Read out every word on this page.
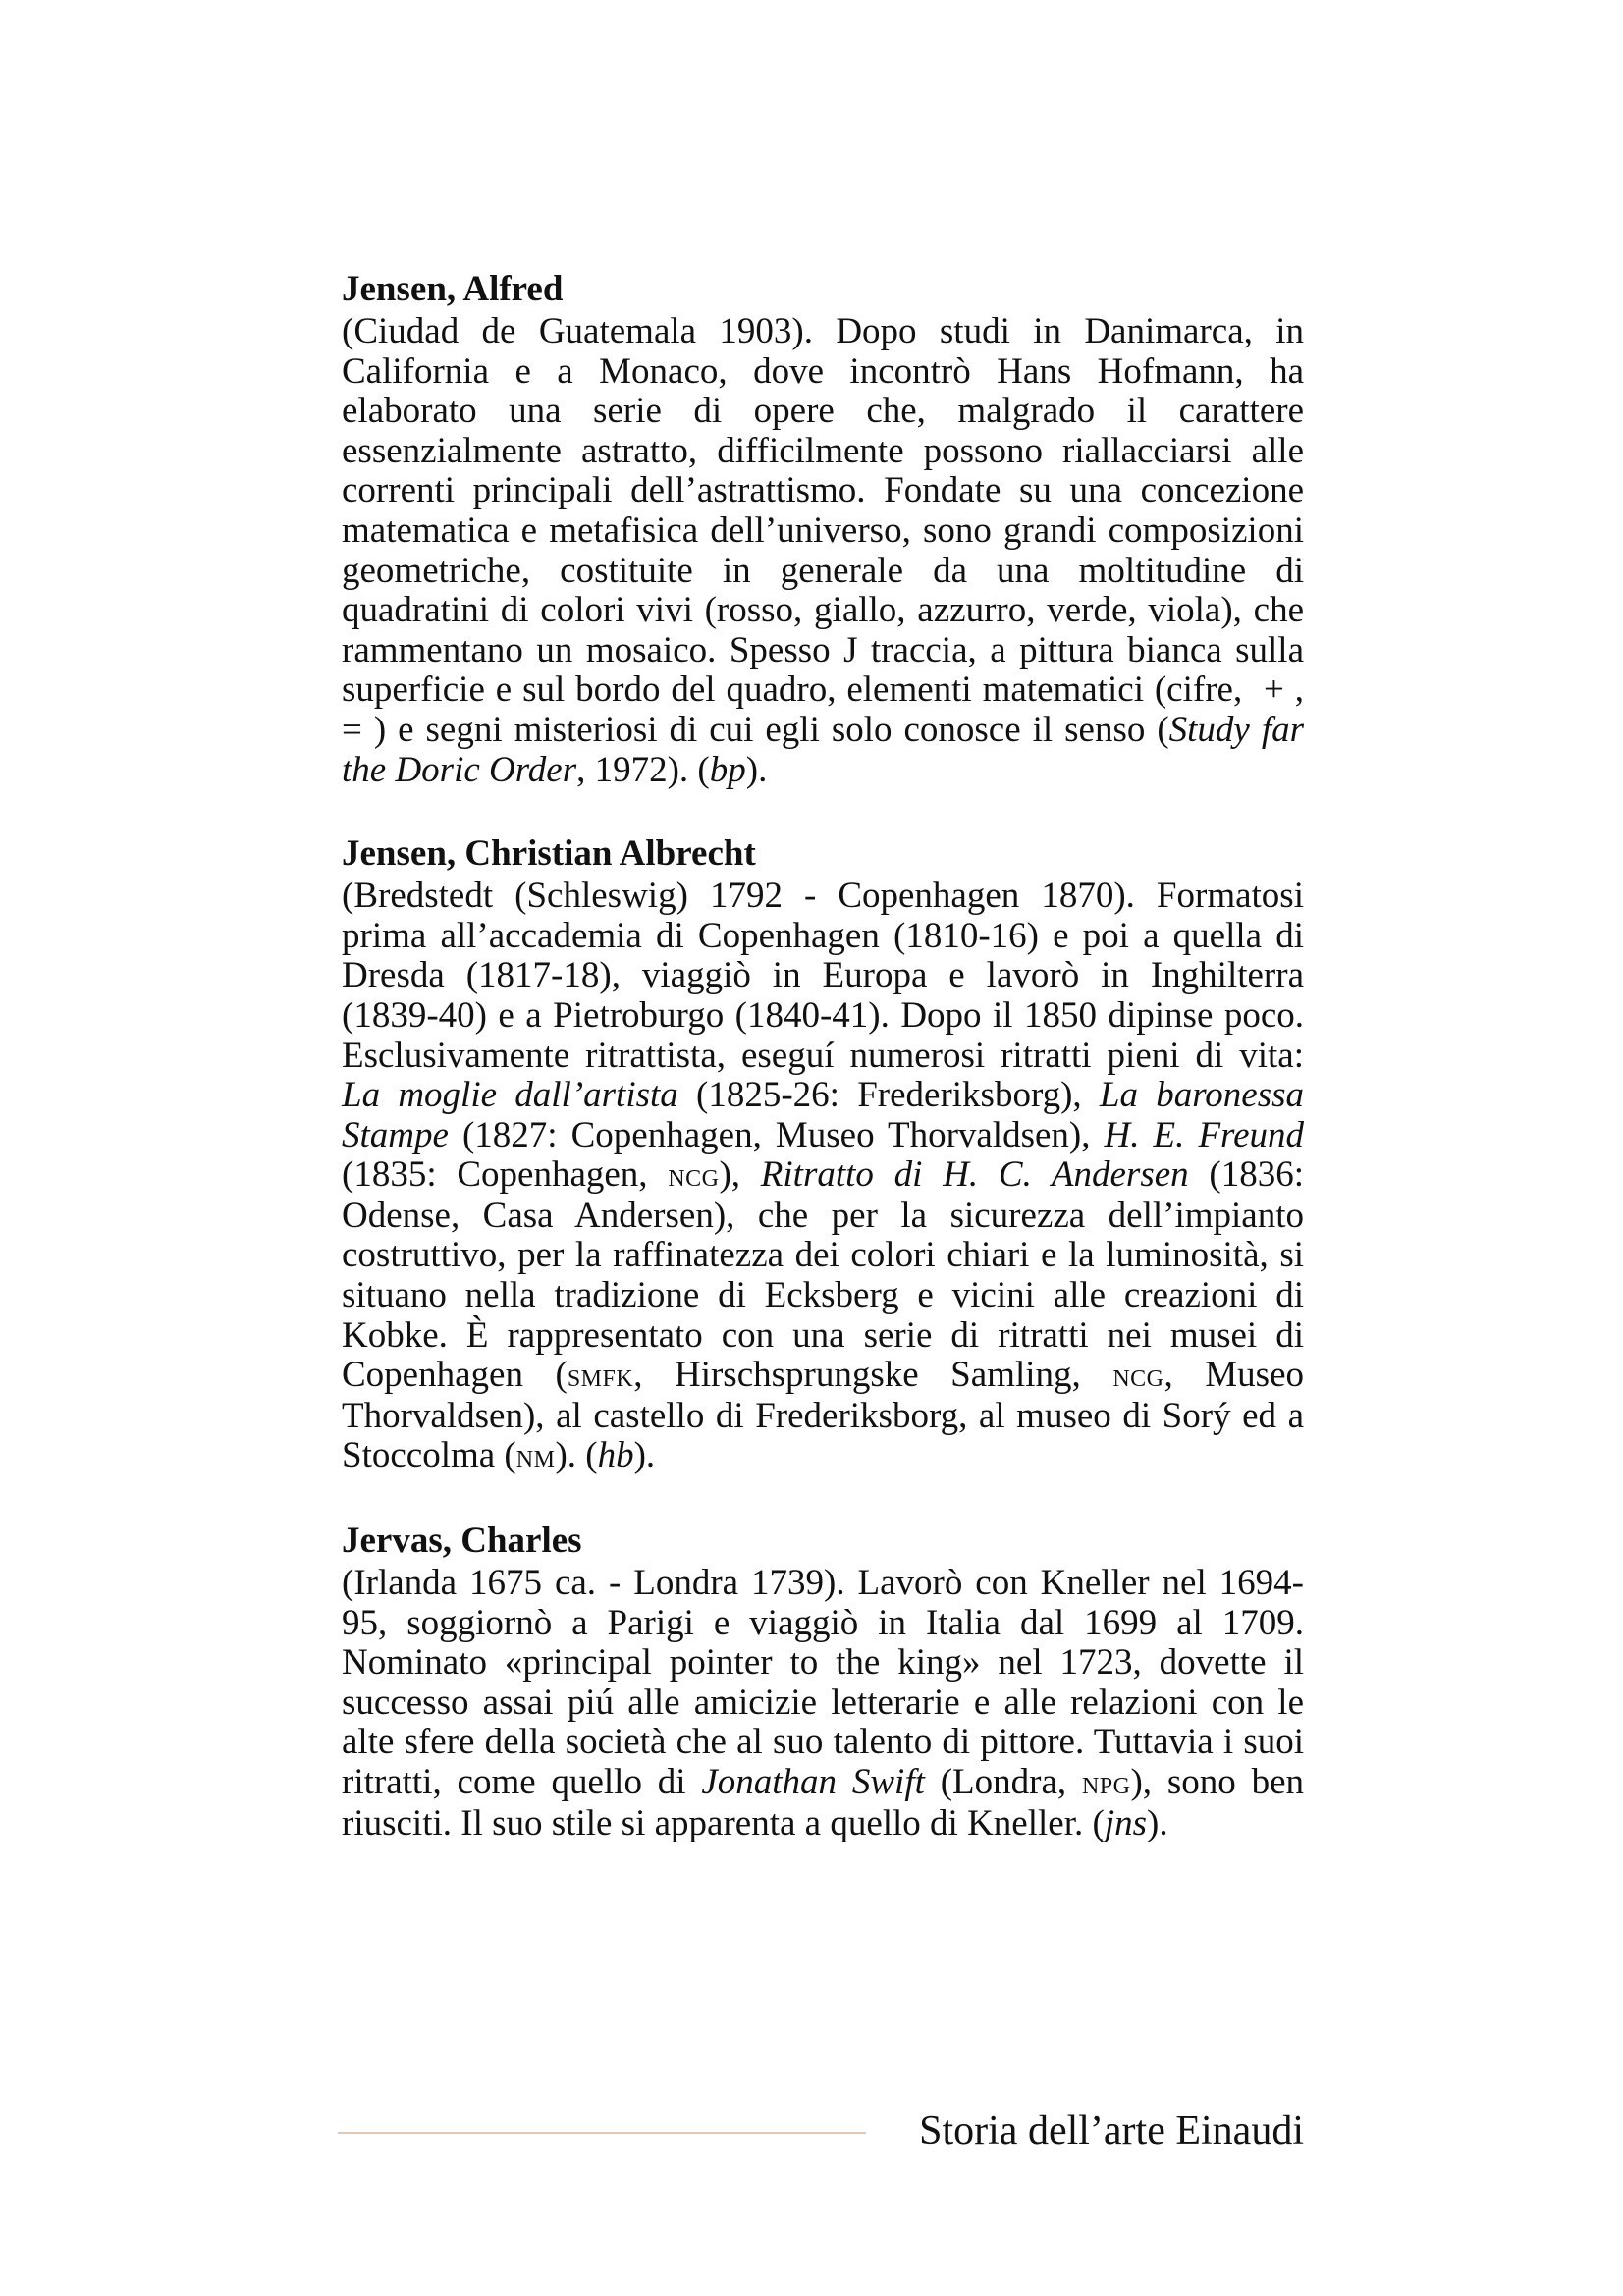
Jensen, Alfred

(Ciudad de Guatemala 1903). Dopo studi in Danimarca, in California e a Monaco, dove incontrò Hans Hofmann, ha elaborato una serie di opere che, malgrado il carattere essenzialmente astratto, difficilmente possono riallacciarsi alle correnti principali dell’astrattismo. Fondate su una concezione matematica e metafisica dell’universo, sono grandi composizioni geometriche, costituite in generale da una moltitudine di quadratini di colori vivi (rosso, giallo, azzurro, verde, viola), che rammentano un mosaico. Spesso J traccia, a pittura bianca sulla superficie e sul bordo del quadro, elementi matematici (cifre,  + , = ) e segni misteriosi di cui egli solo conosce il senso (Study far the Doric Order, 1972). (bp).

Jensen, Christian Albrecht

(Bredstedt (Schleswig) 1792 - Copenhagen 1870). Formatosi prima all’accademia di Copenhagen (1810-16) e poi a quella di Dresda (1817-18), viaggiò in Europa e lavorò in Inghilterra (1839-40) e a Pietroburgo (1840-41). Dopo il 1850 dipinse poco. Esclusivamente ritrattista, eseguí numerosi ritratti pieni di vita: La moglie dall’artista (1825-26: Frederiksborg), La baronessa Stampe (1827: Copenhagen, Museo Thorvaldsen), H. E. Freund (1835: Copenhagen, ncg), Ritratto di H. C. Andersen (1836: Odense, Casa Andersen), che per la sicurezza dell’impianto costruttivo, per la raffinatezza dei colori chiari e la luminosità, si situano nella tradizione di Ecksberg e vicini alle creazioni di Kobke. È rappresentato con una serie di ritratti nei musei di Copenhagen (smfk, Hirschsprungske Samling, ncg, Museo Thorvaldsen), al castello di Frederiksborg, al museo di Sorý ed a Stoccolma (nm). (hb).

Jervas, Charles

(Irlanda 1675 ca. - Londra 1739). Lavorò con Kneller nel 1694-95, soggiornò a Parigi e viaggiò in Italia dal 1699 al 1709. Nominato «principal pointer to the king» nel 1723, dovette il successo assai piú alle amicizie letterarie e alle relazioni con le alte sfere della società che al suo talento di pittore. Tuttavia i suoi ritratti, come quello di Jonathan Swift (Londra, npg), sono ben riusciti. Il suo stile si apparenta a quello di Kneller. (jns).

Storia dell’arte Einaudi
